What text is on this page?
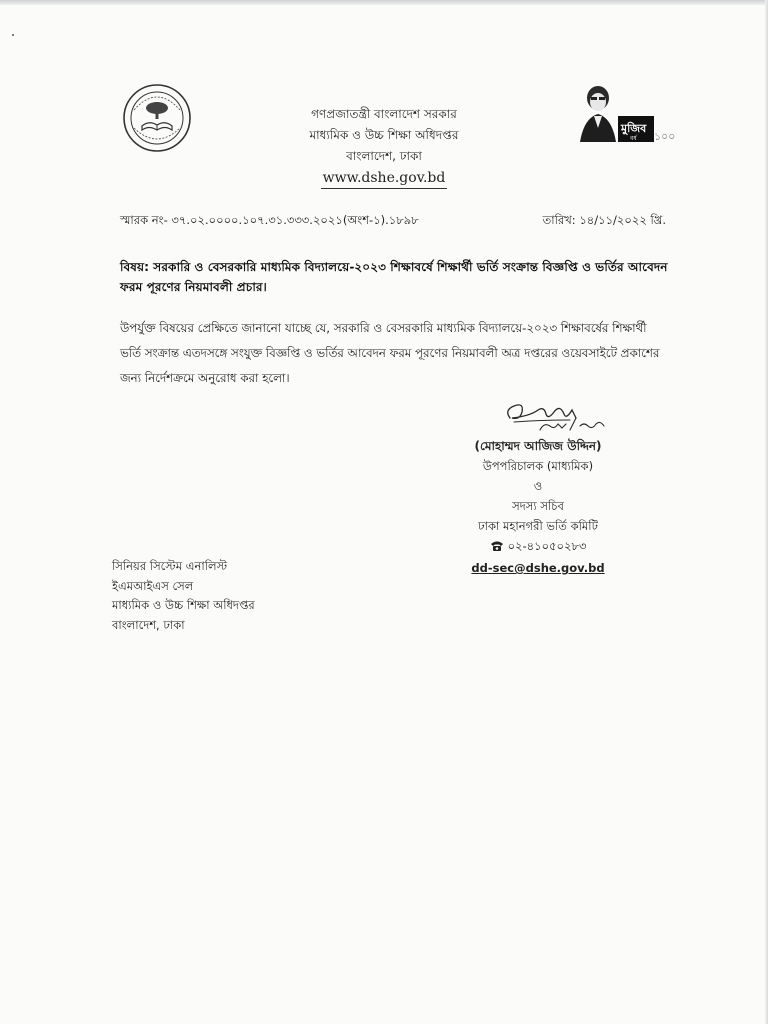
মুজিব
বর্ষ ১০০
গণপ্রজাতন্ত্রী বাংলাদেশ সরকার
মাধ্যমিক ও উচ্চ শিক্ষা অধিদপ্তর
বাংলাদেশ, ঢাকা
www.dshe.gov.bd
স্মারক নং- ৩৭.০২.০০০০.১০৭.৩১.৩৩৩.২০২১(অংশ-১).১৮৯৮	তারিখ: ১৪/১১/২০২২ খ্রি.
বিষয়: সরকারি ও বেসরকারি মাধ্যমিক বিদ্যালয়ে-২০২৩ শিক্ষাবর্ষে শিক্ষার্থী ভর্তি সংক্রান্ত বিজ্ঞপ্তি ও ভর্তির আবেদন ফরম পূরণের নিয়মাবলী প্রচার।
উপর্যুক্ত বিষয়ের প্রেক্ষিতে জানানো যাচ্ছে যে, সরকারি ও বেসরকারি মাধ্যমিক বিদ্যালয়ে-২০২৩ শিক্ষাবর্ষের শিক্ষার্থী ভর্তি সংক্রান্ত এতদসঙ্গে সংযুক্ত বিজ্ঞপ্তি ও ভর্তির আবেদন ফরম পূরণের নিয়মাবলী অত্র দপ্তরের ওয়েবসাইটে প্রকাশের জন্য নির্দেশক্রমে অনুরোধ করা হলো।
(মোহাম্মদ আজিজ উদ্দিন)
উপপরিচালক (মাধ্যমিক)
ও
সদস্য সচিব
ঢাকা মহানগরী ভর্তি কমিটি
০২-৪১০৫০২৮৩
dd-sec@dshe.gov.bd
সিনিয়র সিস্টেম এনালিস্ট
ইএমআইএস সেল
মাধ্যমিক ও উচ্চ শিক্ষা অধিদপ্তর
বাংলাদেশ, ঢাকা
